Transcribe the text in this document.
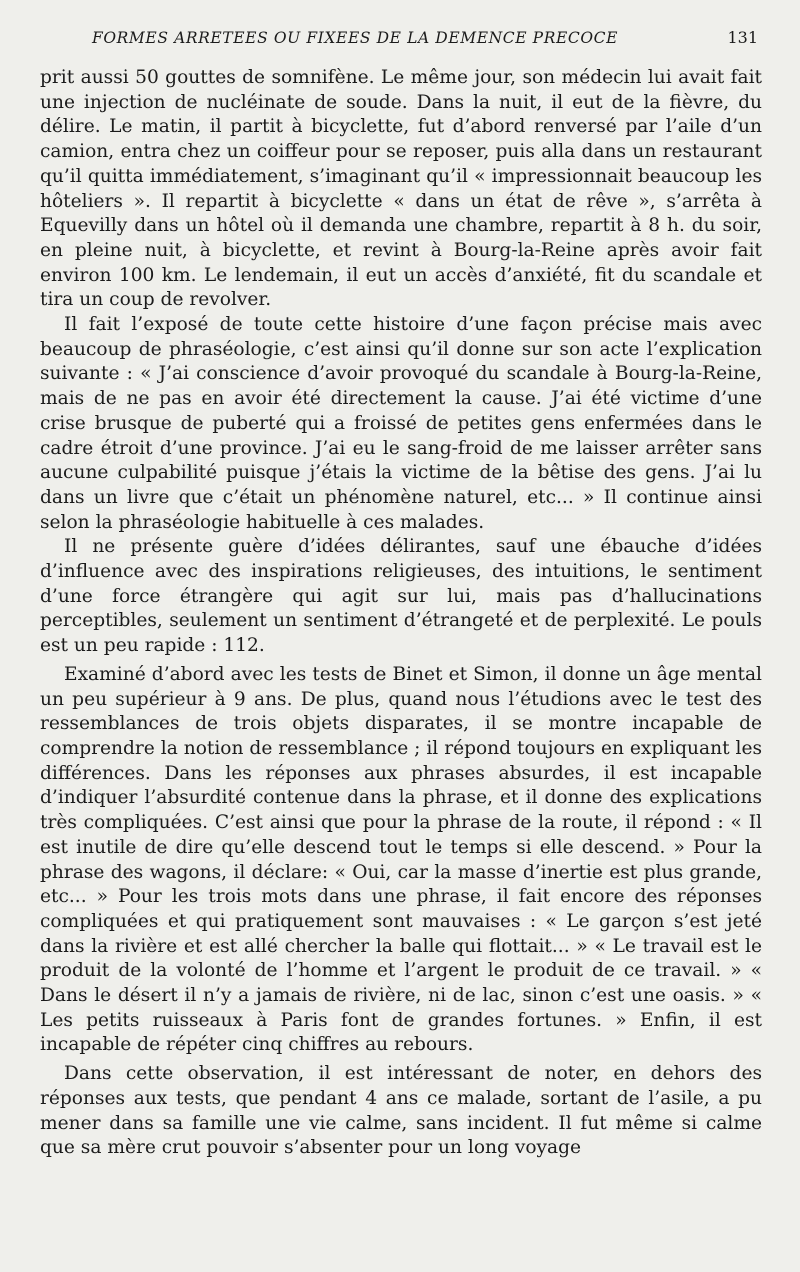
FORMES ARRETEES OU FIXEES DE LA DEMENCE PRECOCE	131

prit aussi 50 gouttes de somnifène. Le même jour, son médecin lui avait fait une injection de nucléinate de soude. Dans la nuit, il eut de la fièvre, du délire. Le matin, il partit à bicyclette, fut d’abord renversé par l’aile d’un camion, entra chez un coiffeur pour se reposer, puis alla dans un restaurant qu’il quitta immédiatement, s’imaginant qu’il « impressionnait beaucoup les hôteliers ». Il repartit à bicyclette « dans un état de rêve », s’arrêta à Equevilly dans un hôtel où il demanda une chambre, repartit à 8 h. du soir, en pleine nuit, à bicyclette, et revint à Bourg-la-Reine après avoir fait environ 100 km. Le lendemain, il eut un accès d’anxiété, fit du scandale et tira un coup de revolver.

Il fait l’exposé de toute cette histoire d’une façon précise mais avec beaucoup de phraséologie, c’est ainsi qu’il donne sur son acte l’explication suivante : « J’ai conscience d’avoir provoqué du scandale à Bourg-la-Reine, mais de ne pas en avoir été directement la cause. J’ai été victime d’une crise brusque de puberté qui a froissé de petites gens enfermées dans le cadre étroit d’une province. J’ai eu le sang-froid de me laisser arrêter sans aucune culpabilité puisque j’étais la victime de la bêtise des gens. J’ai lu dans un livre que c’était un phénomène naturel, etc... » Il continue ainsi selon la phraséologie habituelle à ces malades.

Il ne présente guère d’idées délirantes, sauf une ébauche d’idées d’influence avec des inspirations religieuses, des intuitions, le sentiment d’une force étrangère qui agit sur lui, mais pas d’hallucinations perceptibles, seulement un sentiment d’étrangeté et de perplexité. Le pouls est un peu rapide : 112.

Examiné d’abord avec les tests de Binet et Simon, il donne un âge mental un peu supérieur à 9 ans. De plus, quand nous l’étudions avec le test des ressemblances de trois objets disparates, il se montre incapable de comprendre la notion de ressemblance ; il répond toujours en expliquant les différences. Dans les réponses aux phrases absurdes, il est incapable d’indiquer l’absurdité contenue dans la phrase, et il donne des explications très compliquées. C’est ainsi que pour la phrase de la route, il répond : « Il est inutile de dire qu’elle descend tout le temps si elle descend. » Pour la phrase des wagons, il déclare: « Oui, car la masse d’inertie est plus grande, etc... » Pour les trois mots dans une phrase, il fait encore des réponses compliquées et qui pratiquement sont mauvaises : « Le garçon s’est jeté dans la rivière et est allé chercher la balle qui flottait... » « Le travail est le produit de la volonté de l’homme et l’argent le produit de ce travail. » « Dans le désert il n’y a jamais de rivière, ni de lac, sinon c’est une oasis. » « Les petits ruisseaux à Paris font de grandes fortunes. » Enfin, il est incapable de répéter cinq chiffres au rebours.

Dans cette observation, il est intéressant de noter, en dehors des réponses aux tests, que pendant 4 ans ce malade, sortant de l’asile, a pu mener dans sa famille une vie calme, sans incident. Il fut même si calme que sa mère crut pouvoir s’absenter pour un long voyage
